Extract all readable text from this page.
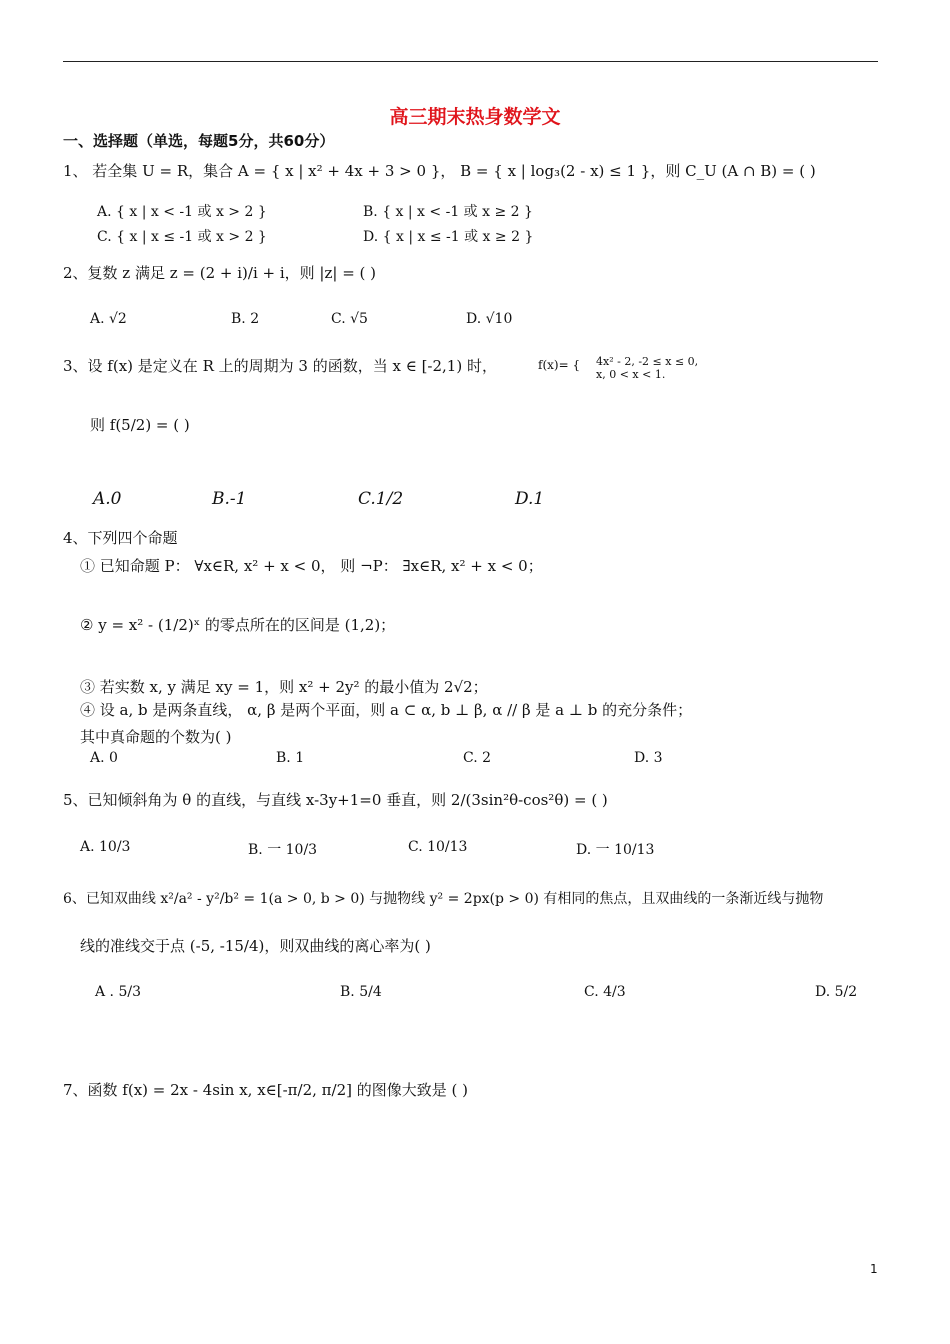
高三期末热身数学文
一、选择题（单选，每题5分，共60分）
1、 若全集 U = R，集合 A = { x | x² + 4x + 3 > 0 }， B = { x | log₃(2 - x) ≤ 1 }，则 C_U (A ∩ B) = ( )
A. { x | x < -1 或 x > 2 }	B. { x | x < -1 或 x ≥ 2 }
C. { x | x ≤ -1 或 x > 2 }	D. { x | x ≤ -1 或 x ≥ 2 }
2、复数 z 满足 z = (2 + i)/i + i，则 |z| = ( )
A. √2	B. 2	C. √5	D. √10
3、设 f(x) 是定义在 R 上的周期为 3 的函数，当 x ∈ [-2,1) 时，	f(x)= { 4x² - 2, -2 ≤ x ≤ 0,
x, 0 < x < 1.
则 f(5/2) = ( )
A.0	B.-1	C.1/2	D.1
4、下列四个命题
① 已知命题 P： ∀x∈R, x² + x < 0， 则 ¬P： ∃x∈R, x² + x < 0；
② y = x² - (1/2)ˣ 的零点所在的区间是 (1,2)；
③ 若实数 x, y 满足 xy = 1，则 x² + 2y² 的最小值为 2√2；
④ 设 a, b 是两条直线， α, β 是两个平面，则 a ⊂ α, b ⊥ β, α // β 是 a ⊥ b 的充分条件；
其中真命题的个数为( )
A. 0	B. 1	C. 2	D. 3
5、已知倾斜角为 θ 的直线，与直线 x-3y+1=0 垂直，则 2/(3sin²θ-cos²θ) = ( )
A. 10/3	B. 一 10/3	C. 10/13	D. 一 10/13
6、已知双曲线 x²/a² - y²/b² = 1(a > 0, b > 0) 与抛物线 y² = 2px(p > 0) 有相同的焦点，且双曲线的一条渐近线与抛物
线的准线交于点 (-5, -15/4)，则双曲线的离心率为( )
A . 5/3	B. 5/4	C. 4/3	D. 5/2
7、函数 f(x) = 2x - 4sin x, x∈[-π/2, π/2] 的图像大致是 ( )
1
